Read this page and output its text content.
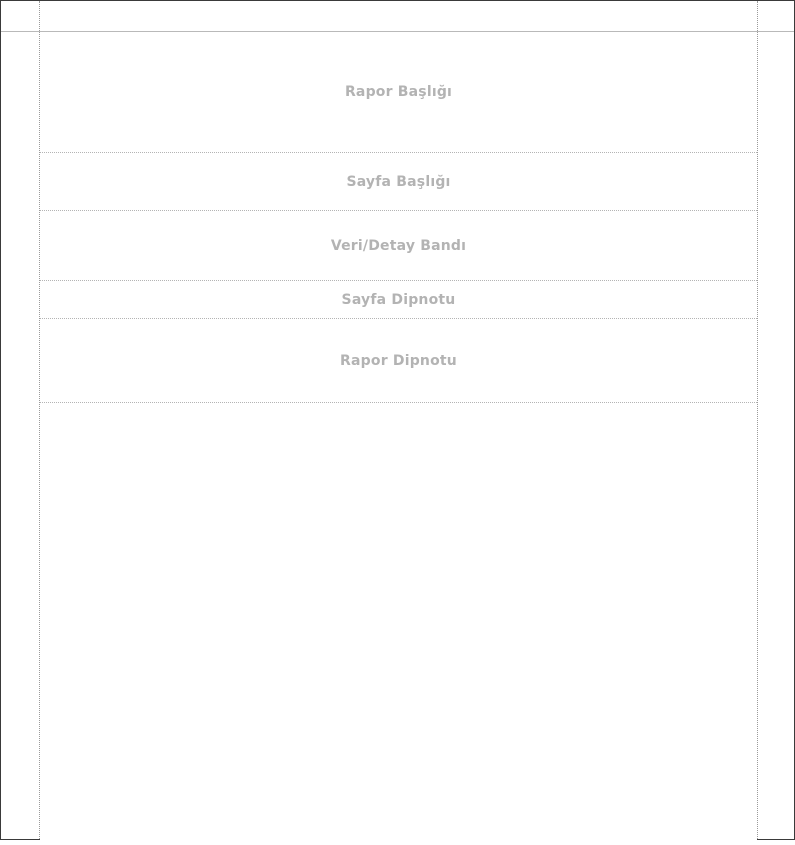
Rapor Başlığı
Sayfa Başlığı
Veri/Detay Bandı
Sayfa Dipnotu
Rapor Dipnotu
